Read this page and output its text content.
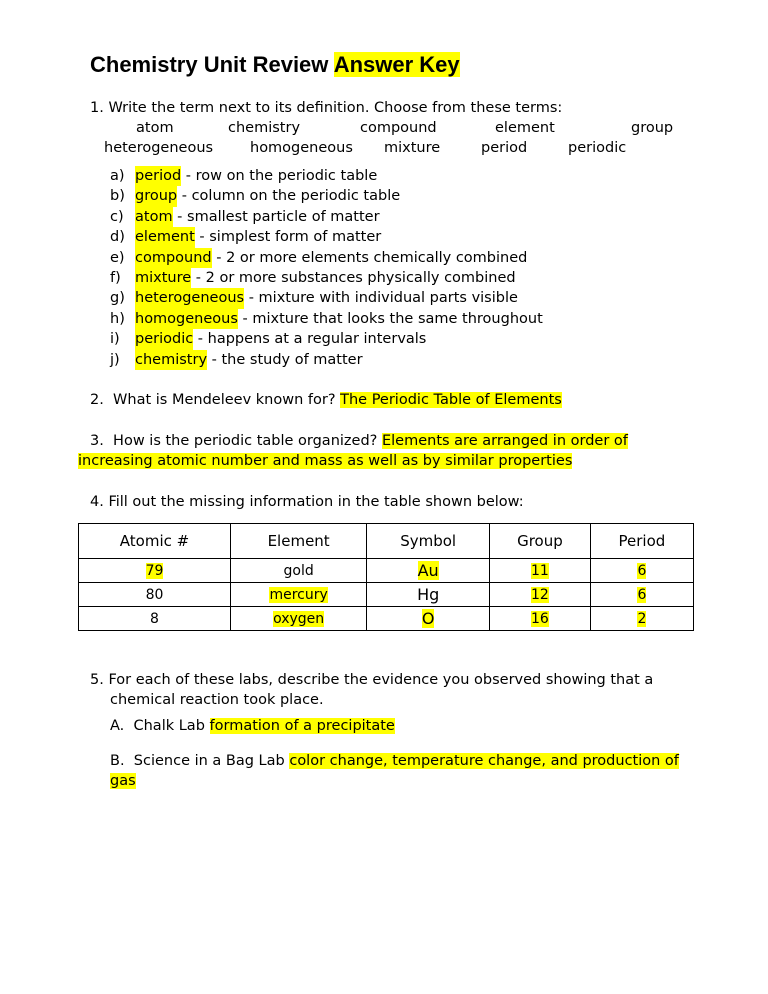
Chemistry Unit Review Answer Key
1. Write the term next to its definition. Choose from these terms:
atom	chemistry	compound	element	group
heterogeneous	homogeneous mixture	period	periodic
a) period - row on the periodic table
b) group - column on the periodic table
c) atom - smallest particle of matter
d) element - simplest form of matter
e) compound - 2 or more elements chemically combined
f) mixture - 2 or more substances physically combined
g) heterogeneous - mixture with individual parts visible
h) homogeneous - mixture that looks the same throughout
i)	periodic - happens at a regular intervals
j)	chemistry - the study of matter
2.  What is Mendeleev known for? The Periodic Table of Elements
3.  How is the periodic table organized? Elements are arranged in order of
increasing atomic number and mass as well as by similar properties
4. Fill out the missing information in the table shown below:
Atomic #	Element	Symbol	Group	Period
79	gold	Au	11	6
80	mercury	Hg	12	6
8	oxygen	O	16	2
5. For each of these labs, describe the evidence you observed showing that a
chemical reaction took place.
A.  Chalk Lab formation of a precipitate
B.  Science in a Bag Lab color change, temperature change, and production of
gas
